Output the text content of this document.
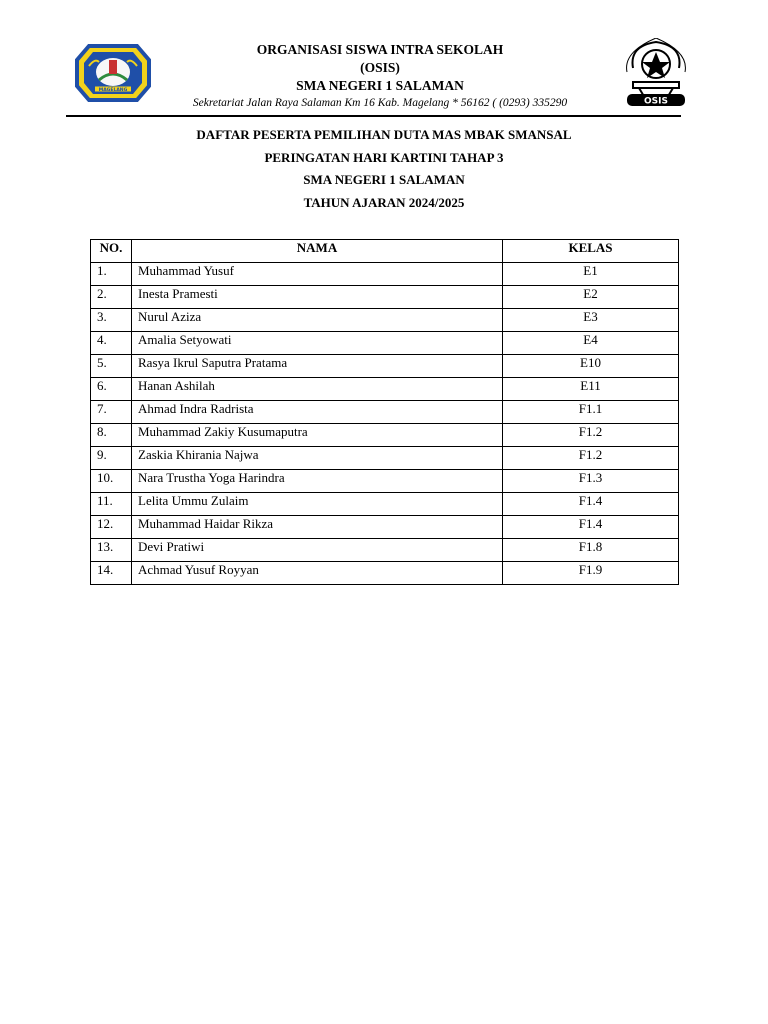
MAGELANG
ORGANISASI SISWA INTRA SEKOLAH
(OSIS)
SMA NEGERI 1 SALAMAN
Sekretariat Jalan Raya Salaman Km 16 Kab. Magelang * 56162 ( (0293) 335290	OSIS
DAFTAR PESERTA PEMILIHAN DUTA MAS MBAK SMANSAL
PERINGATAN HARI KARTINI TAHAP 3
SMA NEGERI 1 SALAMAN
TAHUN AJARAN 2024/2025
NO.	NAMA	KELAS
1.	Muhammad Yusuf	E1
2.	Inesta Pramesti	E2
3.	Nurul Aziza	E3
4.	Amalia Setyowati	E4
5.	Rasya Ikrul Saputra Pratama	E10
6.	Hanan Ashilah	E11
7.	Ahmad Indra Radrista	F1.1
8.	Muhammad Zakiy Kusumaputra	F1.2
9.	Zaskia Khirania Najwa	F1.2
10.	Nara Trustha Yoga Harindra	F1.3
11.	Lelita Ummu Zulaim	F1.4
12.	Muhammad Haidar Rikza	F1.4
13.	Devi Pratiwi	F1.8
14.	Achmad Yusuf Royyan	F1.9
